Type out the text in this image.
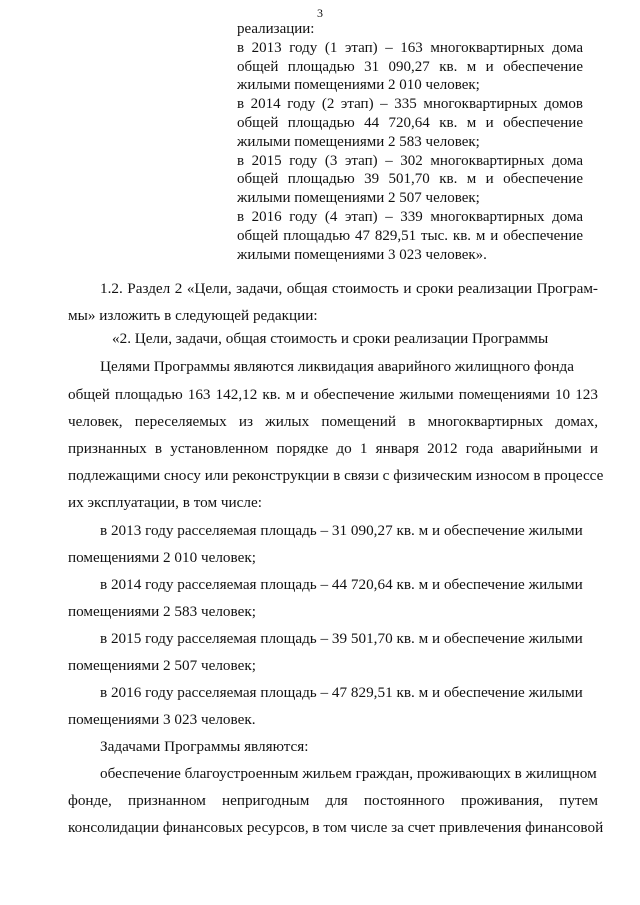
3
реализации:
в 2013 году (1 этап) – 163 многоквартирных дома
общей площадью 31 090,27 кв. м и обеспечение
жилыми помещениями 2 010 человек;
в 2014 году (2 этап) – 335 многоквартирных домов
общей площадью 44 720,64 кв. м и обеспечение
жилыми помещениями 2 583 человек;
в 2015 году (3 этап) – 302 многоквартирных дома
общей площадью 39 501,70 кв. м и обеспечение
жилыми помещениями 2 507 человек;
в 2016 году (4 этап) – 339 многоквартирных дома
общей площадью 47 829,51 тыс. кв. м и обеспечение
жилыми помещениями 3 023 человек».
1.2. Раздел 2 «Цели, задачи, общая стоимость и сроки реализации Програм-
мы» изложить в следующей редакции:
«2. Цели, задачи, общая стоимость и сроки реализации Программы
Целями Программы являются ликвидация аварийного жилищного фонда
общей площадью 163 142,12 кв. м и обеспечение жилыми помещениями 10 123
человек, переселяемых из жилых помещений в многоквартирных домах,
признанных в установленном порядке до 1 января 2012 года аварийными и
подлежащими сносу или реконструкции в связи с физическим износом в процессе
их эксплуатации, в том числе:
в 2013 году расселяемая площадь – 31 090,27 кв. м и обеспечение жилыми
помещениями 2 010 человек;
в 2014 году расселяемая площадь – 44 720,64 кв. м и обеспечение жилыми
помещениями 2 583 человек;
в 2015 году расселяемая площадь – 39 501,70 кв. м и обеспечение жилыми
помещениями 2 507 человек;
в 2016 году расселяемая площадь – 47 829,51 кв. м и обеспечение жилыми
помещениями 3 023 человек.
Задачами Программы являются:
обеспечение благоустроенным жильем граждан, проживающих в жилищном
фонде, признанном непригодным для постоянного проживания, путем
консолидации финансовых ресурсов, в том числе за счет привлечения финансовой
